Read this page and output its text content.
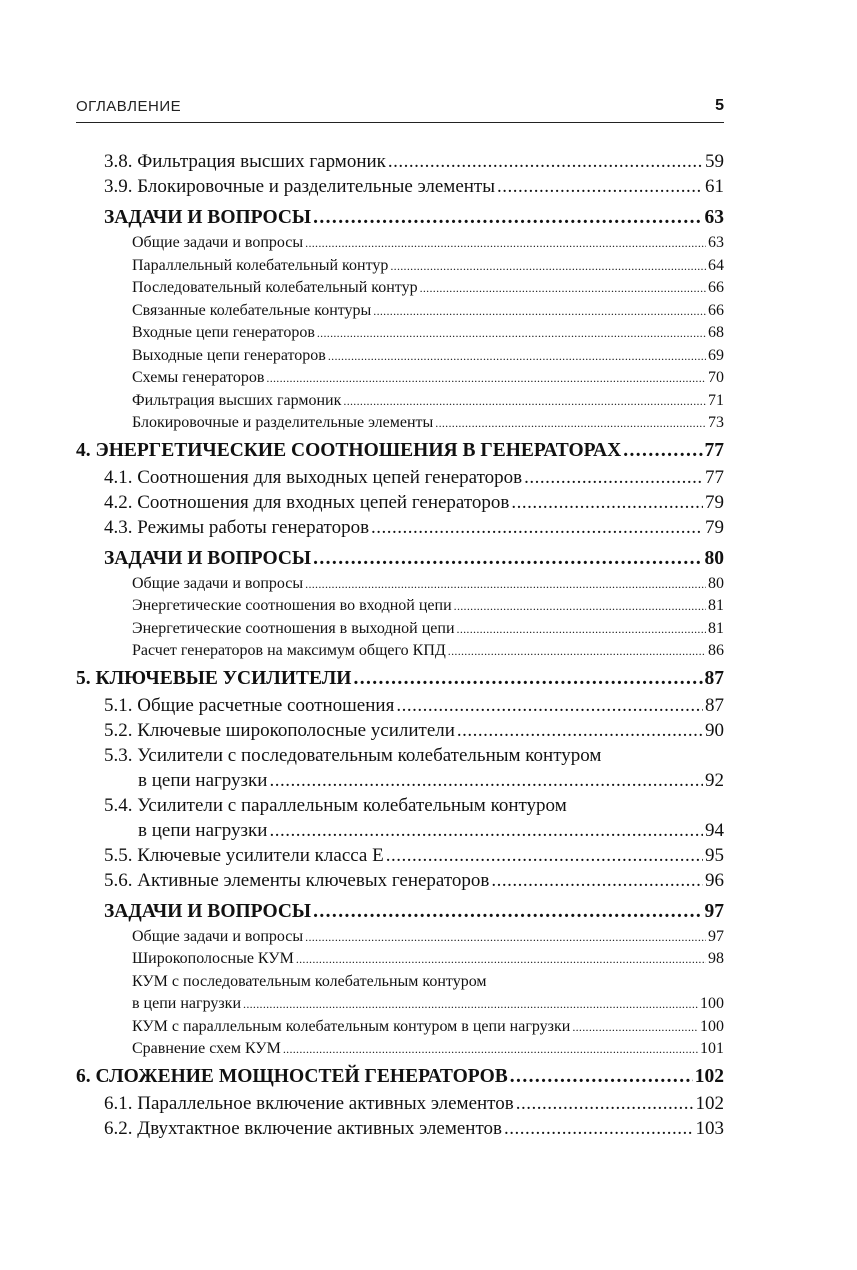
ОГЛАВЛЕНИЕ	5
3.8. Фильтрация высших гармоник .....	59
3.9. Блокировочные и разделительные элементы .....	61
ЗАДАЧИ И ВОПРОСЫ .....	63
Общие задачи и вопросы .....	63
Параллельный колебательный контур .....	64
Последовательный колебательный контур .....	66
Связанные колебательные контуры .....	66
Входные цепи генераторов .....	68
Выходные цепи генераторов .....	69
Схемы генераторов .....	70
Фильтрация высших гармоник .....	71
Блокировочные и разделительные элементы .....	73
4. ЭНЕРГЕТИЧЕСКИЕ СООТНОШЕНИЯ В ГЕНЕРАТОРАХ .....	77
4.1. Соотношения для выходных цепей генераторов .....	77
4.2. Соотношения для входных цепей генераторов .....	79
4.3. Режимы работы генераторов .....	79
ЗАДАЧИ И ВОПРОСЫ .....	80
Общие задачи и вопросы .....	80
Энергетические соотношения во входной цепи .....	81
Энергетические соотношения в выходной цепи .....	81
Расчет генераторов на максимум общего КПД .....	86
5. КЛЮЧЕВЫЕ УСИЛИТЕЛИ .....	87
5.1. Общие расчетные соотношения .....	87
5.2. Ключевые широкополосные усилители .....	90
5.3. Усилители с последовательным колебательным контуром
в цепи нагрузки .....	92
5.4. Усилители с параллельным колебательным контуром
в цепи нагрузки .....	94
5.5. Ключевые усилители класса Е .....	95
5.6. Активные элементы ключевых генераторов .....	96
ЗАДАЧИ И ВОПРОСЫ .....	97
Общие задачи и вопросы .....	97
Широкополосные КУМ .....	98
КУМ с последовательным колебательным контуром
в цепи нагрузки .....	100
КУМ с параллельным колебательным контуром в цепи нагрузки .....	100
Сравнение схем КУМ .....	101
6. СЛОЖЕНИЕ МОЩНОСТЕЙ ГЕНЕРАТОРОВ .....	102
6.1. Параллельное включение активных элементов .....	102
6.2. Двухтактное включение активных элементов .....	103
